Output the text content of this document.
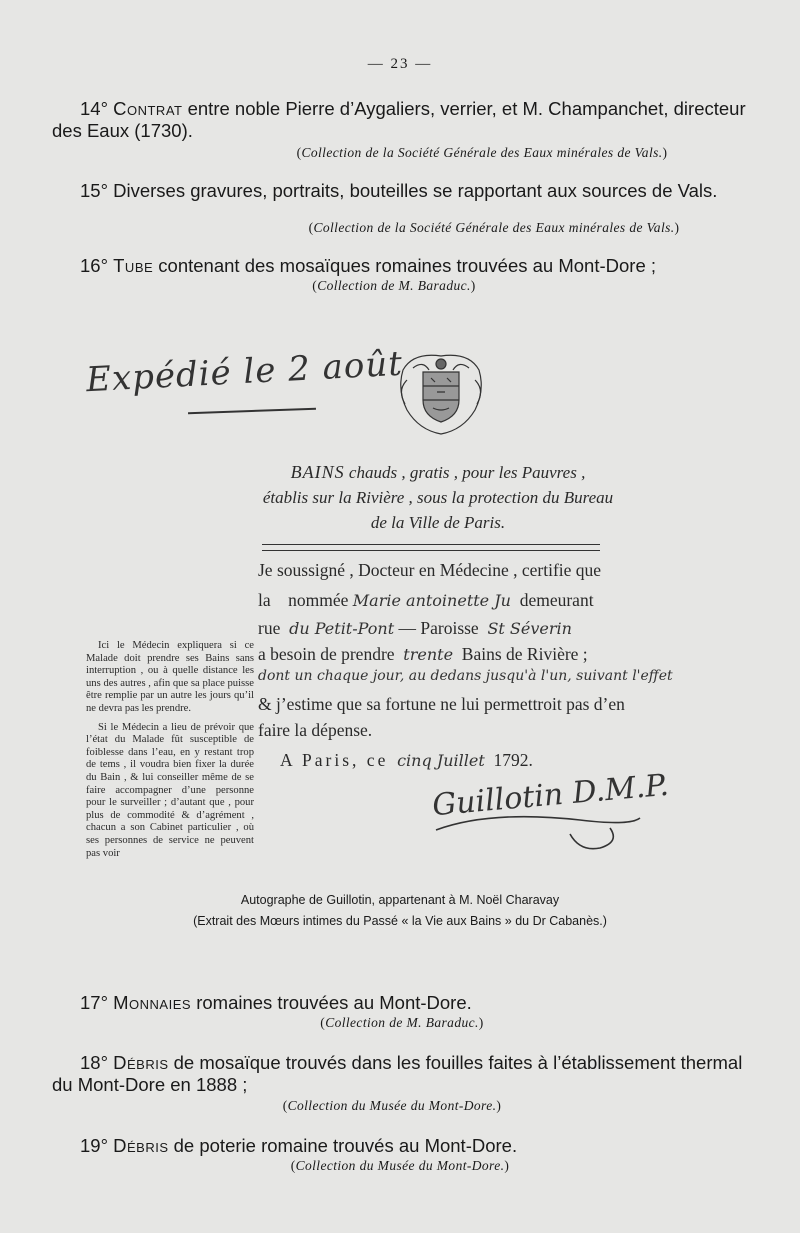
— 23 —
14° Contrat entre noble Pierre d’Aygaliers, verrier, et M. Champanchet, directeur des Eaux (1730).
(Collection de la Société Générale des Eaux minérales de Vals.)
15° Diverses gravures, portraits, bouteilles se rapportant aux sources de Vals.
(Collection de la Société Générale des Eaux minérales de Vals.)
16° Tube contenant des mosaïques romaines trouvées au Mont-Dore ;
(Collection de M. Baraduc.)
Expédié le 2 août
BAINS chauds , gratis , pour les Pauvres ,
établis sur la Rivière , sous la protection du Bureau
de la Ville de Paris.
Je soussigné , Docteur en Médecine , certifie que
la nommée Marie antoinette Ju demeurant
rue du Petit-Pont — Paroisse St Séverin
a besoin de prendre trente Bains de Rivière ;
dont un chaque jour, au dedans jusqu'à l'un, suivant l'effet
& j’estime que sa fortune ne lui permettroit pas d’en
faire la dépense.
A Paris, ce cinq Juillet 1792.
Guillotin D.M.P.

Ici le Médecin expliquera si ce Malade doit prendre ses Bains sans interruption , ou à quelle distance les uns des autres , afin que sa place puisse être remplie par un autre les jours qu’il ne devra pas les prendre.

Si le Médecin a lieu de prévoir que l’état du Malade fût susceptible de foiblesse dans l’eau, en y restant trop de tems , il voudra bien fixer la durée du Bain , & lui conseiller même de se faire accompagner d’une personne pour le surveiller ; d’autant que , pour plus de commodité & d’agrément , chacun a son Cabinet particulier , où ses personnes de service ne peuvent pas voir

Autographe de Guillotin, appartenant à M. Noël Charavay
(Extrait des Mœurs intimes du Passé « la Vie aux Bains » du Dr Cabanès.)
17° Monnaies romaines trouvées au Mont-Dore.
(Collection de M. Baraduc.)
18° Débris de mosaïque trouvés dans les fouilles faites à l’établissement thermal du Mont-Dore en 1888 ;
(Collection du Musée du Mont-Dore.)
19° Débris de poterie romaine trouvés au Mont-Dore.
(Collection du Musée du Mont-Dore.)
